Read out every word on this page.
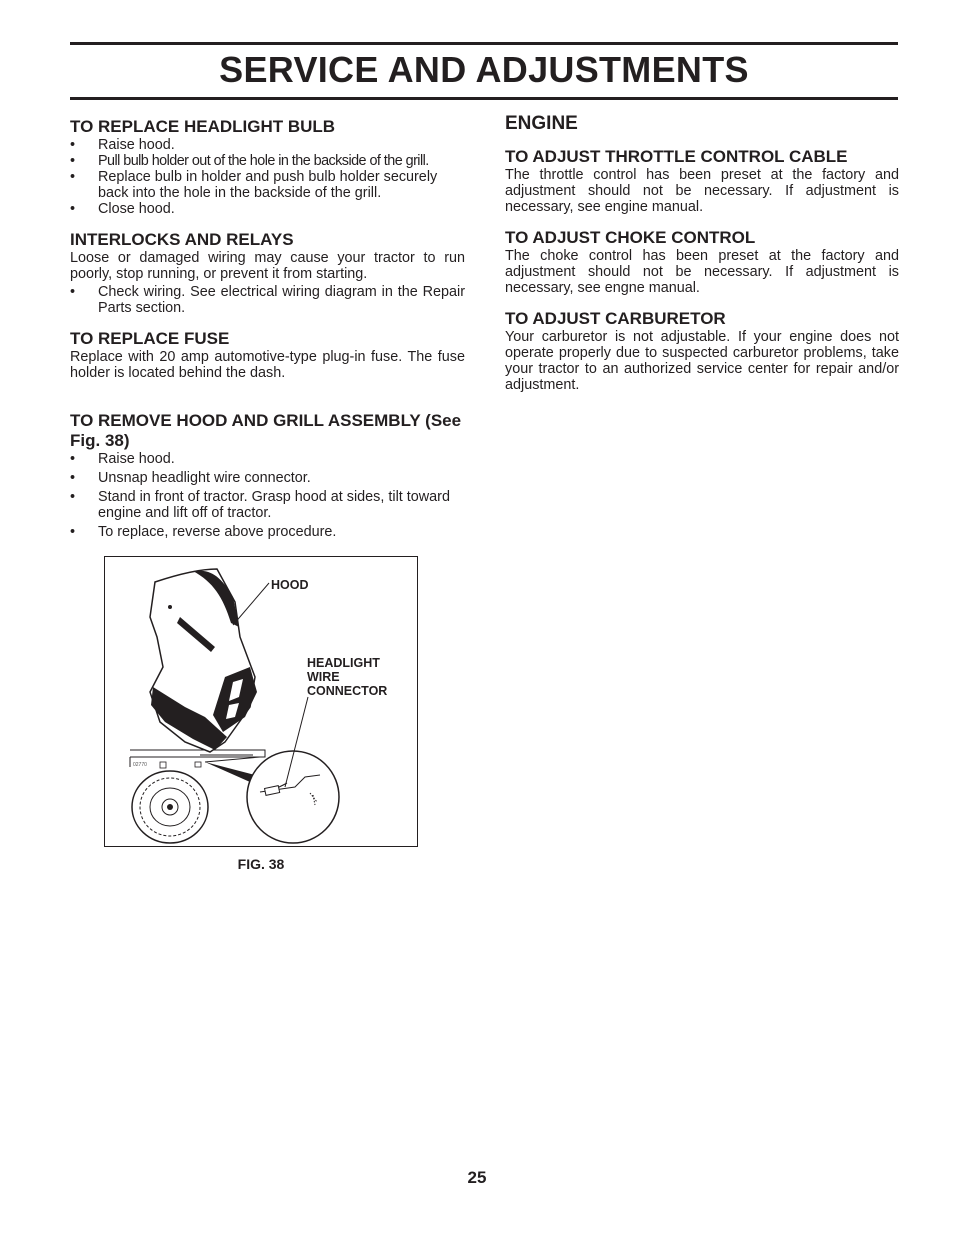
SERVICE AND ADJUSTMENTS
TO REPLACE HEADLIGHT BULB
• Raise hood.
• Pull bulb holder out of the hole in the backside of the grill.
• Replace bulb in holder and push bulb holder securely back into the hole in the backside of the grill.
• Close hood.
INTERLOCKS AND RELAYS

Loose or damaged wiring may cause your tractor to run poorly, stop running, or prevent it from starting.

• Check wiring. See electrical wiring diagram in the Repair Parts section.
TO REPLACE FUSE

Replace with 20 amp automotive-type plug-in fuse. The fuse holder is located behind the dash.

TO REMOVE HOOD AND GRILL ASSEMBLY (See Fig. 38)
• Raise hood.
• Unsnap headlight wire connector.
• Stand in front of tractor. Grasp hood at sides, tilt toward engine and lift off of tractor.
• To replace, reverse above procedure.
HOOD
HEADLIGHT
WIRE
CONNECTOR
02770
FIG. 38
ENGINE
TO ADJUST THROTTLE CONTROL CABLE

The throttle control has been preset at the factory and adjustment should not be necessary. If adjustment is necessary, see engine manual.

TO ADJUST CHOKE CONTROL

The choke control has been preset at the factory and adjustment should not be necessary. If adjustment is necessary, see engne manual.

TO ADJUST CARBURETOR

Your carburetor is not adjustable. If your engine does not operate properly due to suspected carburetor problems, take your tractor to an authorized service center for repair and/or adjustment.

25
